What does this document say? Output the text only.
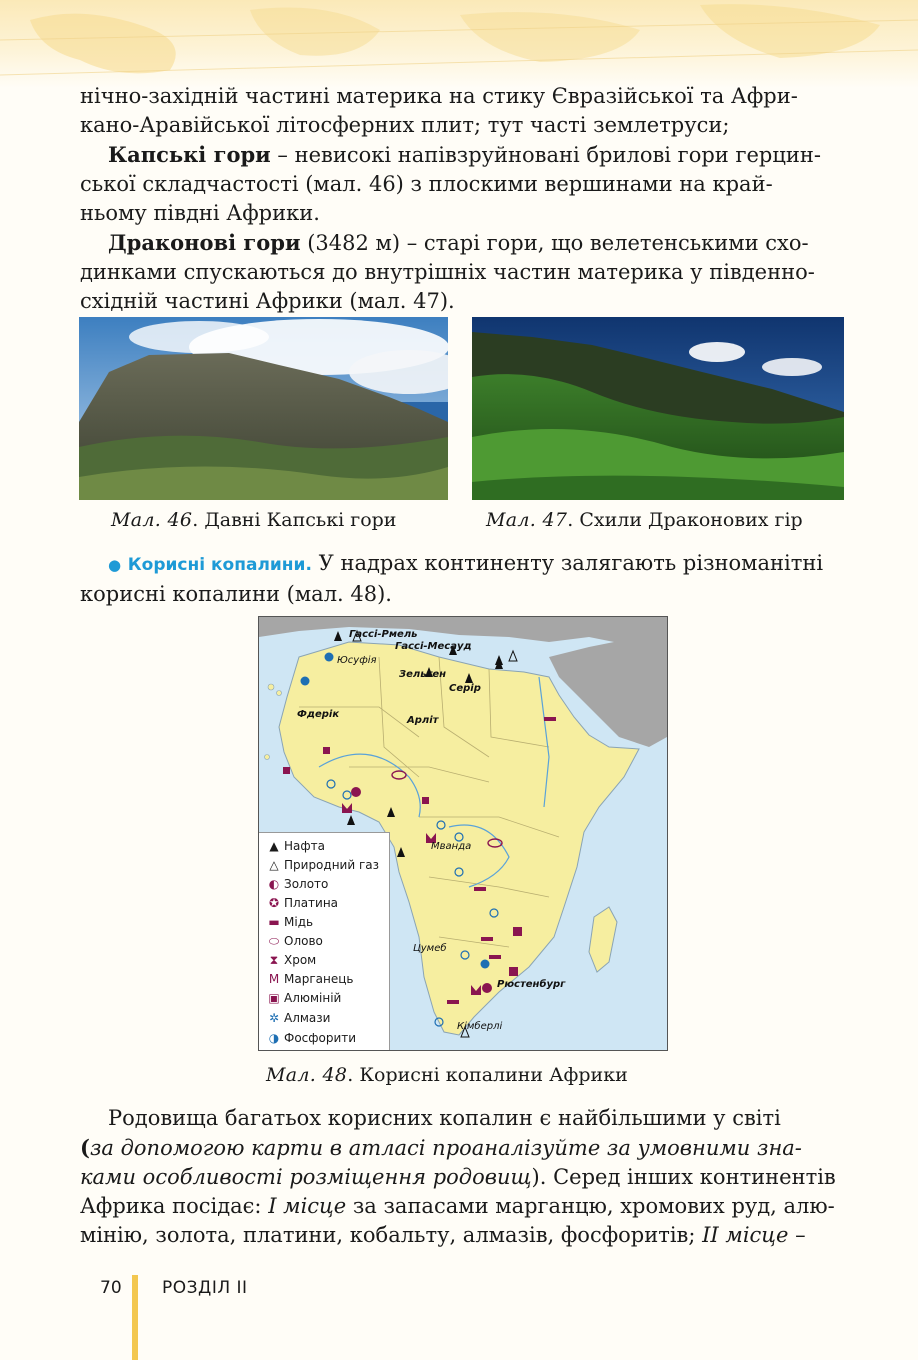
нічно-західній частині материка на стику Євразійської та Афри-
кано-Аравійської літосферних плит; тут часті землетруси;

Капські гори – невисокі напівзруйновані брилові гори герцин-
ської складчастості (мал. 46) з плоскими вершинами на край-
ньому півдні Африки.

Драконові гори (3482 м) – старі гори, що велетенськими схо-
динками спускаються до внутрішніх частин материка у південно-
східній частині Африки (мал. 47).

Мал. 46. Давні Капські гори	Мал. 47. Схили Драконових гір

● Корисні копалини. У надрах континенту залягають різноманітні
корисні копалини (мал. 48).

Гассі-Рмель
Гассі-Месауд
Юсуфія
Зельтен
Серір
Фдерік
Арліт
Мванда
Цумеб
Рюстенбург
Кімберлі
▲ Нафта
△ Природний газ
◐ Золото
✪ Платина
▬ Мідь
⬭ Олово
⧗ Хром
M Марганець
▣ Алюміній
✲ Алмази
◑ Фосфорити
Мал. 48. Корисні копалини Африки

Родовища багатьох корисних копалин є найбільшими у світі
(за допомогою карти в атласі проаналізуйте за умовними зна-
ками особливості розміщення родовищ). Серед інших континентів
Африка посідає: І місце за запасами марганцю, хромових руд, алю-
мінію, золота, платини, кобальту, алмазів, фосфоритів; ІІ місце –

70 РОЗДІЛ ІІ
